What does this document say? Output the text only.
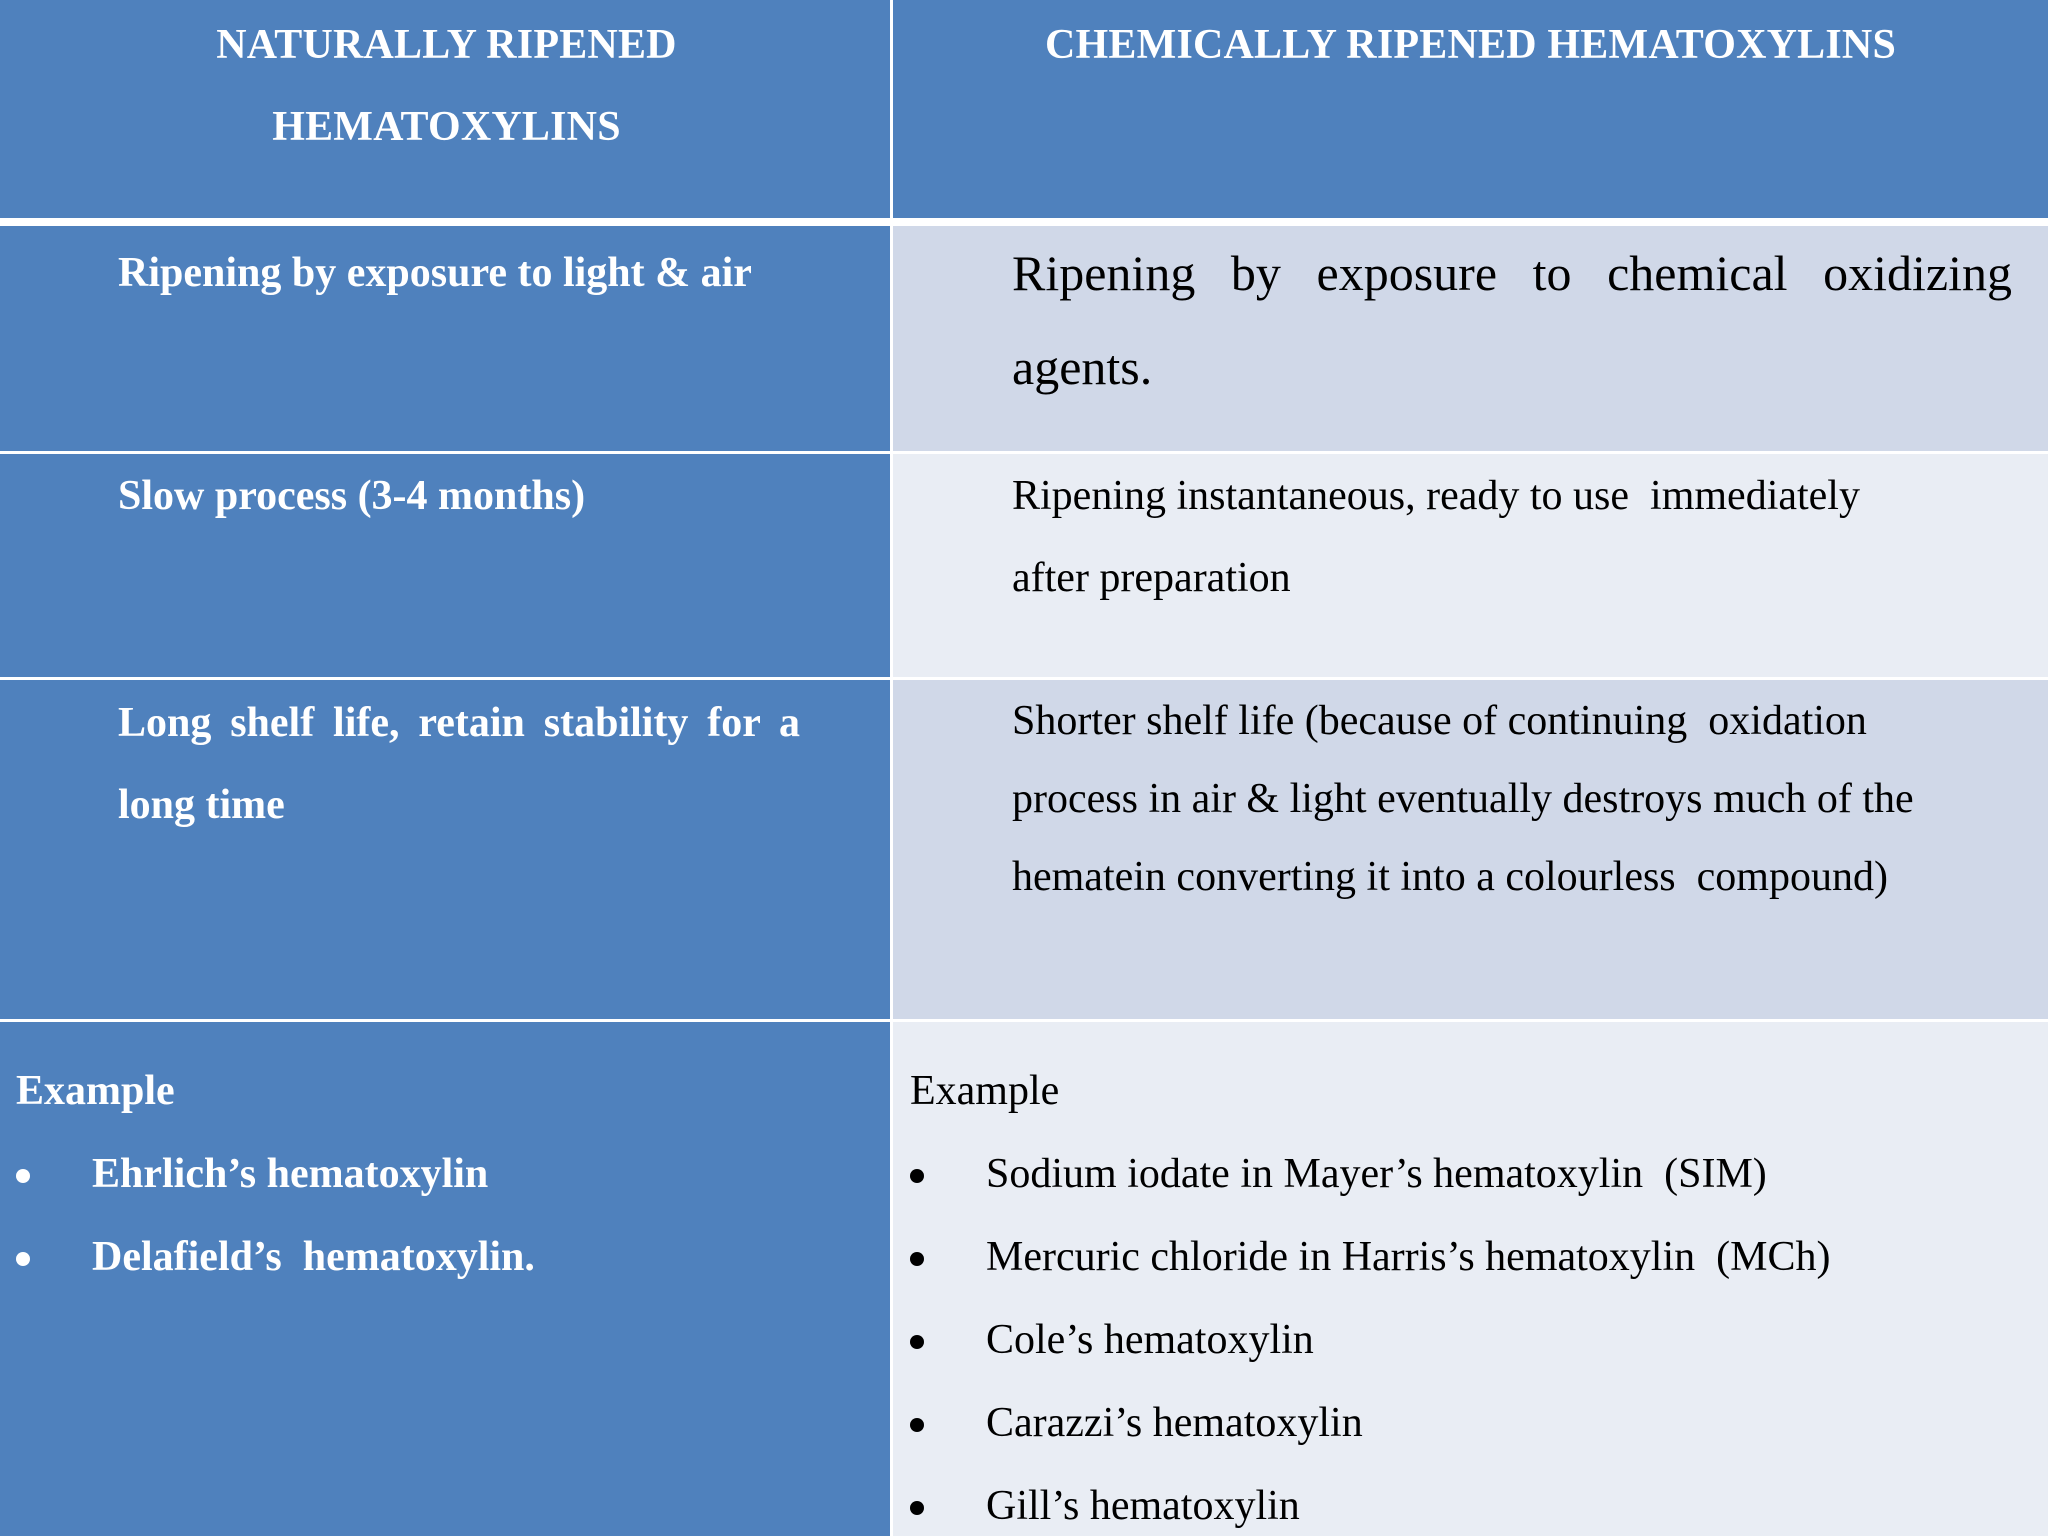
NATURALLY RIPENED
HEMATOXYLINS
CHEMICALLY RIPENED HEMATOXYLINS
Ripening by exposure to light & air	Ripening by exposure to chemical oxidizing
agents.
Slow process (3-4 months)	Ripening instantaneous, ready to use  immediately
after preparation
Long shelf life, retain stability for a
long time
Shorter shelf life (because of continuing  oxidation
process in air & light eventually destroys much of the
hematein converting it into a colourless  compound)
Example
Ehrlich’s hematoxylin
Delafield’s  hematoxylin.
Example
Sodium iodate in Mayer’s hematoxylin  (SIM)
Mercuric chloride in Harris’s hematoxylin  (MCh)
Cole’s hematoxylin
Carazzi’s hematoxylin
Gill’s hematoxylin
